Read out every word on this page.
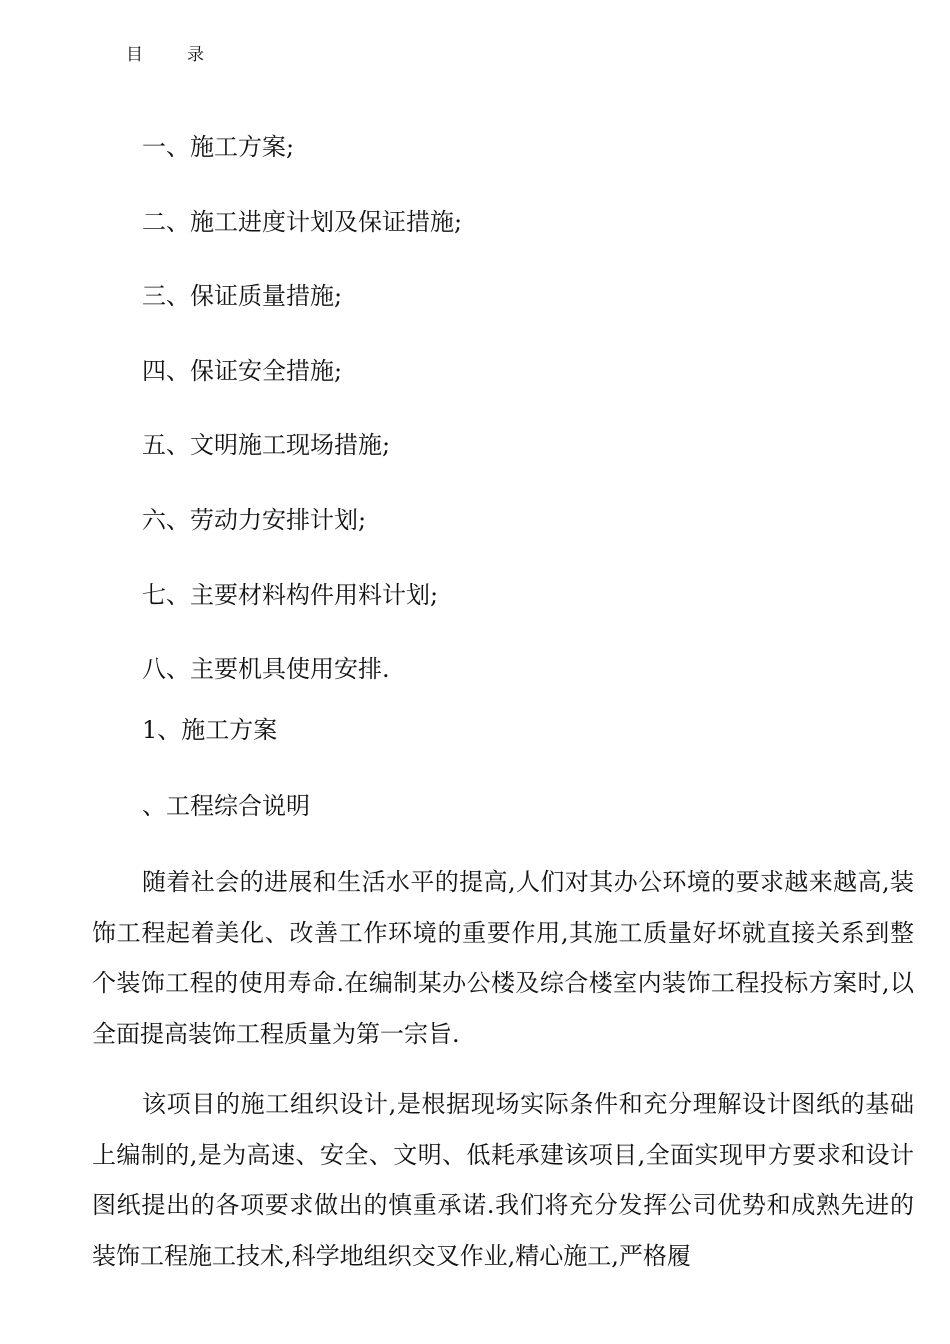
目	录
一、施工方案;
二、施工进度计划及保证措施;
三、保证质量措施;
四、保证安全措施;
五、文明施工现场措施;
六、劳动力安排计划;
七、主要材料构件用料计划;
八、主要机具使用安排.
1、施工方案
、工程综合说明

随着社会的进展和生活水平的提高,人们对其办公环境的要求越来越高,装饰工程起着美化、改善工作环境的重要作用,其施工质量好坏就直接关系到整个装饰工程的使用寿命.在编制某办公楼及综合楼室内装饰工程投标方案时,以全面提高装饰工程质量为第一宗旨.

该项目的施工组织设计,是根据现场实际条件和充分理解设计图纸的基础上编制的,是为高速、安全、文明、低耗承建该项目,全面实现甲方要求和设计图纸提出的各项要求做出的慎重承诺.我们将充分发挥公司优势和成熟先进的装饰工程施工技术,科学地组织交叉作业,精心施工,严格履
